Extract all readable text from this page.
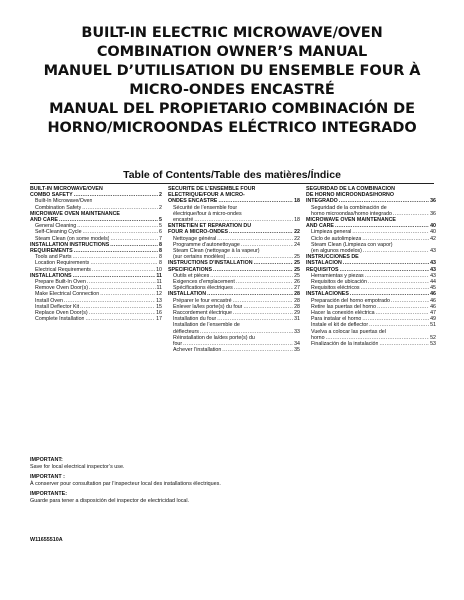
BUILT-IN ELECTRIC MICROWAVE/OVEN
COMBINATION OWNER’S MANUAL
MANUEL D’UTILISATION DU ENSEMBLE FOUR À
MICRO-ONDES ENCASTRÉ
MANUAL DEL PROPIETARIO COMBINACIÓN DE
HORNO/MICROONDAS ELÉCTRICO INTEGRADO
Table of Contents/Table des matières/Índice
BUILT-IN MICROWAVE/OVEN
COMBO SAFETY .....	2
Built-In Microwave/Oven
Combination Safety .....	2
MICROWAVE OVEN MAINTENANCE
AND CARE .....	5
General Cleaning .....	5
Self-Cleaning Cycle .....	6
Steam Clean (on some models) .....	7
INSTALLATION INSTRUCTIONS .....	8
REQUIREMENTS .....	8
Tools and Parts .....	8
Location Requirements .....	8
Electrical Requirements .....	10
INSTALLATIONS .....	11
Prepare Built-In Oven .....	11
Remove Oven Door(s) .....	11
Make Electrical Connection .....	12
Install Oven .....	13
Install Deflector Kit .....	15
Replace Oven Door(s) .....	16
Complete Installation .....	17
SÉCURITÉ DE L’ENSEMBLE FOUR
ÉLECTRIQUE/FOUR À MICRO-
ONDES ENCASTRÉ .....	18
Sécurité de l’ensemble four
électrique/four à micro-ondes
encastré .....	18
ENTRETIEN ET RÉPARATION DU
FOUR À MICRO-ONDES .....	22
Nettoyage général .....	22
Programme d’autonettoyage .....	24
Steam Clean (nettoyage à la vapeur)
(sur certains modèles) .....	25
INSTRUCTIONS D’INSTALLATION .....	25
SPÉCIFICATIONS .....	25
Outils et pièces .....	25
Exigences d’emplacement .....	26
Spécifications électriques .....	27
INSTALLATION .....	28
Préparer le four encastré .....	28
Enlever la/les porte(s) du four .....	28
Raccordement électrique .....	29
Installation du four .....	31
Installation de l’ensemble de
déflecteurs .....	33
Réinstallation de la/des porte(s) du
four .....	34
Achever l’installation .....	35
SEGURIDAD DE LA COMBINACIÓN
DE HORNO MICROONDAS/HORNO
INTEGRADO .....	36
Seguridad de la combinación de
horno microondas/horno integrado .....	36
MICROWAVE OVEN MAINTENANCE
AND CARE .....	40
Limpieza general .....	40
Ciclo de autolimpieza .....	42
Steam Clean (Limpieza con vapor)
(en algunos modelos) .....	43
INSTRUCCIONES DE
INSTALACIÓN .....	43
REQUISITOS .....	43
Herramientas y piezas .....	43
Requisitos de ubicación .....	44
Requisitos eléctricos .....	45
INSTALACIONES .....	46
Preparación del horno empotrado .....	46
Retire las puertas del horno .....	46
Hacer la conexión eléctrica .....	47
Para instalar el horno .....	49
Instale el kit de deflector .....	51
Vuelva a colocar las puertas del
horno .....	52
Finalización de la instalación .....	53
IMPORTANT:
Save for local electrical inspector’s use.
IMPORTANT :
À conserver pour consultation par l’inspecteur local des installations électriques.
IMPORTANTE:
Guarde para tener a disposición del inspector de electricidad local.
W11655510A
